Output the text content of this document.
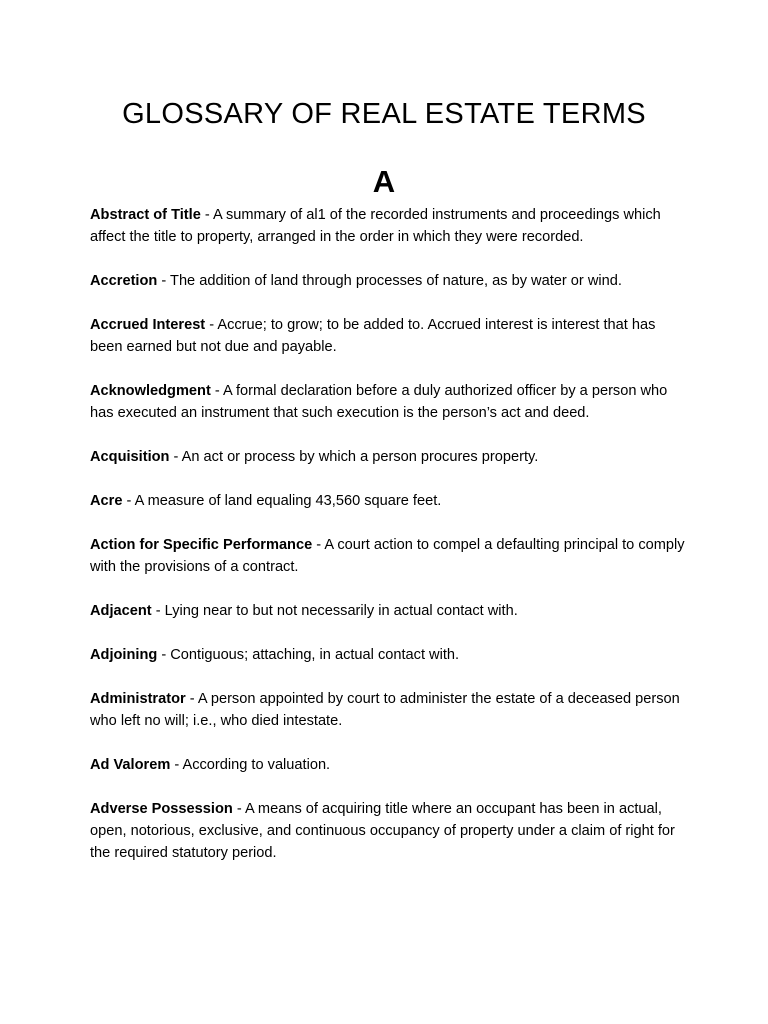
GLOSSARY OF REAL ESTATE TERMS
A
Abstract of Title - A summary of al1 of the recorded instruments and proceedings which affect the title to property, arranged in the order in which they were recorded.
Accretion - The addition of land through processes of nature, as by water or wind.
Accrued Interest - Accrue; to grow; to be added to. Accrued interest is interest that has been earned but not due and payable.
Acknowledgment - A formal declaration before a duly authorized officer by a person who has executed an instrument that such execution is the person’s act and deed.
Acquisition - An act or process by which a person procures property.
Acre - A measure of land equaling 43,560 square feet.
Action for Specific Performance - A court action to compel a defaulting principal to comply with the provisions of a contract.
Adjacent - Lying near to but not necessarily in actual contact with.
Adjoining - Contiguous; attaching, in actual contact with.
Administrator - A person appointed by court to administer the estate of a deceased person who left no will; i.e., who died intestate.
Ad Valorem - According to valuation.
Adverse Possession - A means of acquiring title where an occupant has been in actual, open, notorious, exclusive, and continuous occupancy of property under a claim of right for the required statutory period.
